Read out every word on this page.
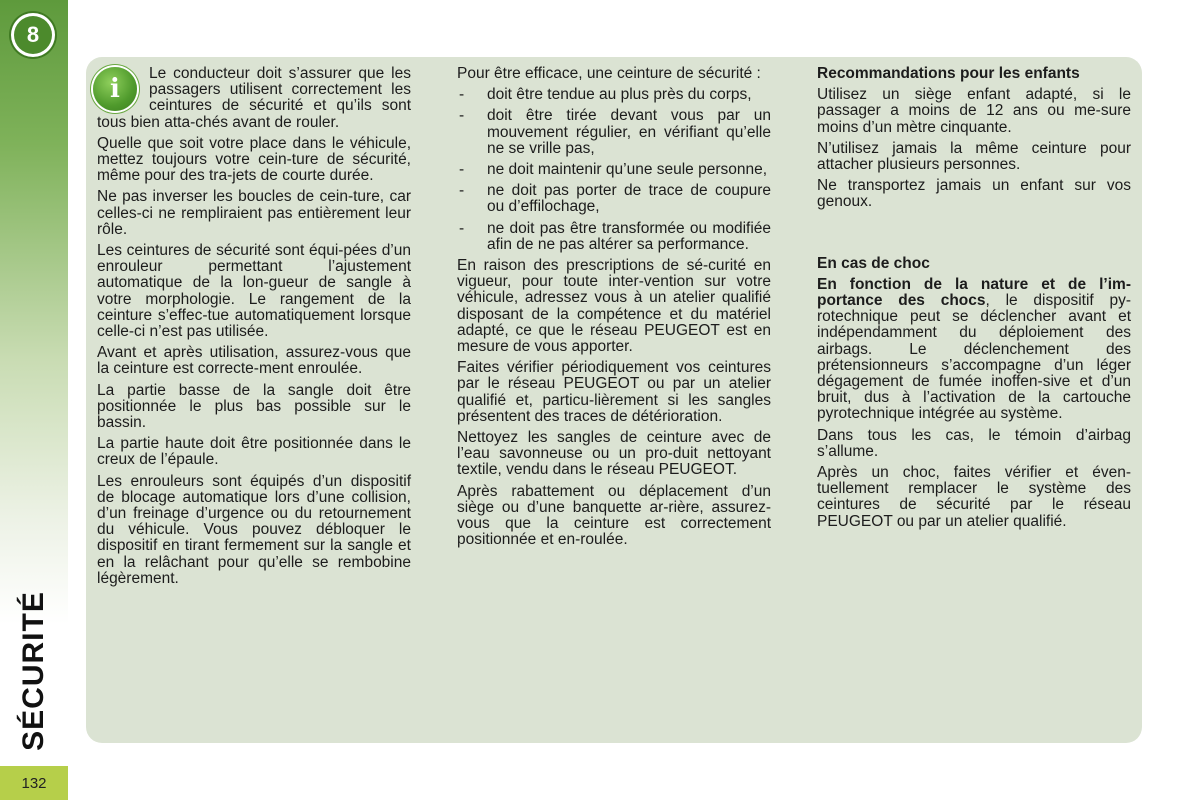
8
SÉCURITÉ
132
i

Le conducteur doit s’assurer que les passagers utilisent correctement les ceintures de sécurité et qu’ils sont tous bien atta-chés avant de rouler.

Quelle que soit votre place dans le véhicule, mettez toujours votre cein-ture de sécurité, même pour des tra-jets de courte durée.

Ne pas inverser les boucles de cein-ture, car celles-ci ne rempliraient pas entièrement leur rôle.

Les ceintures de sécurité sont équi-pées d’un enrouleur permettant l’ajustement automatique de la lon-gueur de sangle à votre morphologie. Le rangement de la ceinture s’effec-tue automatiquement lorsque celle-ci n’est pas utilisée.

Avant et après utilisation, assurez-vous que la ceinture est correcte-ment enroulée.

La partie basse de la sangle doit être positionnée le plus bas possible sur le bassin.

La partie haute doit être positionnée dans le creux de l’épaule.

Les enrouleurs sont équipés d’un dispositif de blocage automatique lors d’une collision, d’un freinage d’urgence ou du retournement du véhicule. Vous pouvez débloquer le dispositif en tirant fermement sur la sangle et en la relâchant pour qu’elle se rembobine légèrement.

Pour être efficace, une ceinture de sécurité :

- doit être tendue au plus près du corps,
- doit être tirée devant vous par un mouvement régulier, en vérifiant qu’elle ne se vrille pas,
- ne doit maintenir qu’une seule personne,
- ne doit pas porter de trace de coupure ou d’effilochage,
- ne doit pas être transformée ou modifiée afin de ne pas altérer sa performance.

En raison des prescriptions de sé-curité en vigueur, pour toute inter-vention sur votre véhicule, adressez vous à un atelier qualifié disposant de la compétence et du matériel adapté, ce que le réseau PEUGEOT est en mesure de vous apporter.

Faites vérifier périodiquement vos ceintures par le réseau PEUGEOT ou par un atelier qualifié et, particu-lièrement si les sangles présentent des traces de détérioration.

Nettoyez les sangles de ceinture avec de l’eau savonneuse ou un pro-duit nettoyant textile, vendu dans le réseau PEUGEOT.

Après rabattement ou déplacement d’un siège ou d’une banquette ar-rière, assurez-vous que la ceinture est correctement positionnée et en-roulée.

Recommandations pour les enfants

Utilisez un siège enfant adapté, si le passager a moins de 12 ans ou me-sure moins d’un mètre cinquante.

N’utilisez jamais la même ceinture pour attacher plusieurs personnes.

Ne transportez jamais un enfant sur vos genoux.

En cas de choc

En fonction de la nature et de l’im-portance des chocs, le dispositif py-rotechnique peut se déclencher avant et indépendamment du déploiement des airbags. Le déclenchement des prétensionneurs s’accompagne d’un léger dégagement de fumée inoffen-sive et d’un bruit, dus à l’activation de la cartouche pyrotechnique intégrée au système.

Dans tous les cas, le témoin d’airbag s’allume.

Après un choc, faites vérifier et éven-tuellement remplacer le système des ceintures de sécurité par le réseau PEUGEOT ou par un atelier qualifié.
